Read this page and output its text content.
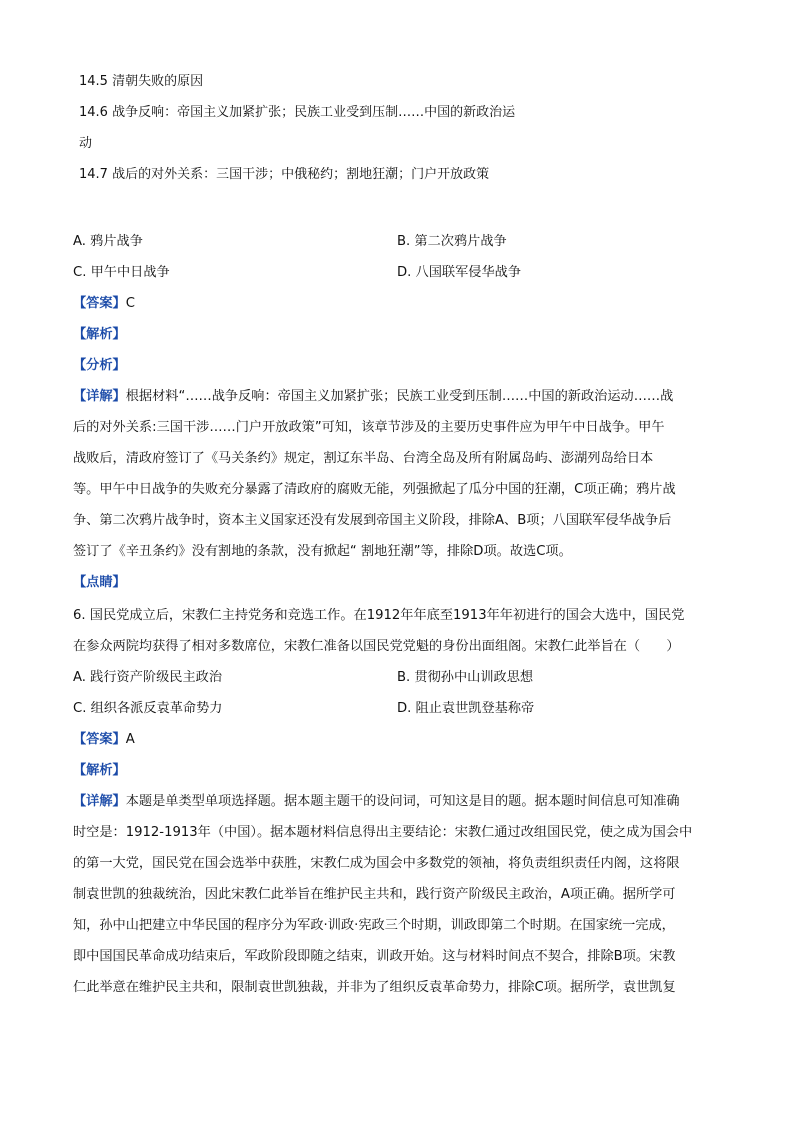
14.5 清朝失败的原因
14.6 战争反响：帝国主义加紧扩张；民族工业受到压制……中国的新政治运
动
14.7 战后的对外关系：三国干涉；中俄秘约；割地狂潮；门户开放政策
A. 鸦片战争	B. 第二次鸦片战争
C. 甲午中日战争	D. 八国联军侵华战争
【答案】C
【解析】
【分析】
【详解】根据材料“……战争反响：帝国主义加紧扩张；民族工业受到压制……中国的新政治运动……战
后的对外关系:三国干涉……门户开放政策”可知，该章节涉及的主要历史事件应为甲午中日战争。甲午
战败后，清政府签订了《马关条约》规定，割辽东半岛、台湾全岛及所有附属岛屿、澎湖列岛给日本
等。甲午中日战争的失败充分暴露了清政府的腐败无能，列强掀起了瓜分中国的狂潮，C项正确；鸦片战
争、第二次鸦片战争时，资本主义国家还没有发展到帝国主义阶段，排除A、B项；八国联军侵华战争后
签订了《辛丑条约》没有割地的条款，没有掀起“ 割地狂潮”等，排除D项。故选C项。
【点睛】
6. 国民党成立后，宋教仁主持党务和竞选工作。在1912年年底至1913年年初进行的国会大选中，国民党
在参众两院均获得了相对多数席位，宋教仁准备以国民党党魁的身份出面组阁。宋教仁此举旨在（　　）
A. 践行资产阶级民主政治	B. 贯彻孙中山训政思想
C. 组织各派反袁革命势力	D. 阻止袁世凯登基称帝
【答案】A
【解析】
【详解】本题是单类型单项选择题。据本题主题干的设问词，可知这是目的题。据本题时间信息可知准确
时空是：1912-1913年（中国）。据本题材料信息得出主要结论：宋教仁通过改组国民党，使之成为国会中
的第一大党，国民党在国会选举中获胜，宋教仁成为国会中多数党的领袖，将负责组织责任内阁，这将限
制袁世凯的独裁统治，因此宋教仁此举旨在维护民主共和，践行资产阶级民主政治，A项正确。据所学可
知，孙中山把建立中华民国的程序分为军政·训政·宪政三个时期，训政即第二个时期。在国家统一完成，
即中国国民革命成功结束后，军政阶段即随之结束，训政开始。这与材料时间点不契合，排除B项。宋教
仁此举意在维护民主共和，限制袁世凯独裁，并非为了组织反袁革命势力，排除C项。据所学，袁世凯复
